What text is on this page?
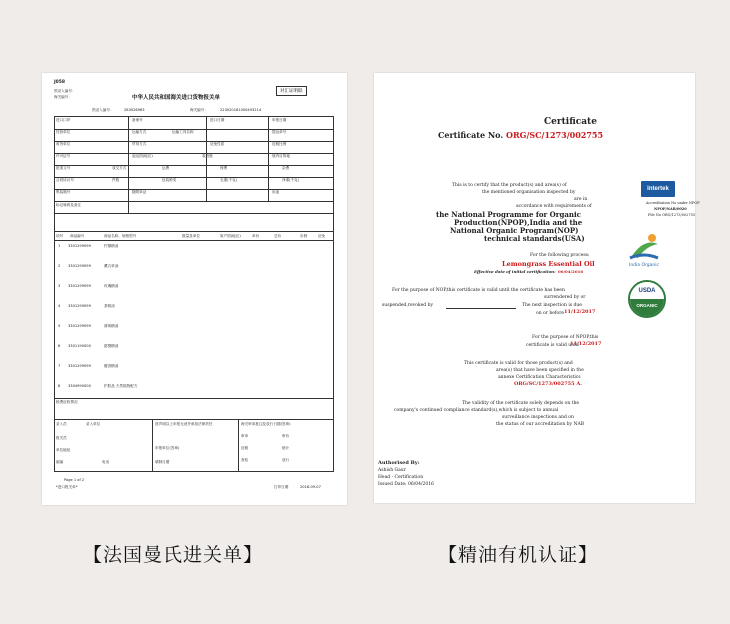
J058
预录入编号：
海关编号：	中华人民共和国海关进口货物报关单
对汇证明联
预录入编号：	283026963	海关编号：	223020181000493214
进口口岸	备案号	进口日期	申报日期
经营单位	运输方式	运输工具名称	提运单号
收货单位	贸易方式	征免性质	征税比例
许可证号	起运国(地区)	装货港	境内目的地
批准文号	成交方式	运费	保费	杂费
合同协议号	件数	包装种类	毛重(千克)	净重(千克)
集装箱号	随附单证	用途
标记唛码及备注
项号 商品编号	商品名称、规格型号	数量及单位	原产国(地区)	单价	总价	币制	征免
1 3301299099	柠檬精油
2 3301299099	薰衣草油
3 3301299099	玫瑰精油
4 3301299099	茶树油
5 3301299099	薄荷精油
6 3301190000	甜橙精油
7 3301299099	檀香精油
8 3304990000	护肤品 天然植物配方
税费征收情况
录入员	录入单位	兹声明以上申报无讹并承担法律责任	海关审单批注及放行日期(签章)
审单	审价
征税	统计
查验	放行
报关员
单位地址
邮编	电话
申报单位(签章)
填制日期
Page 1 of 2
*进口报关单*	打印日期	2018-09-07
Certificate
Certificate No. ORG/SC/1273/002755
This is to certify that the product(s) and area(s) of
the mentioned organisation inspected by
are in
accordance with requirements of
the National Programme for Organic
Production(NPOP),India and the
National Organic Program(NOP)
technical standards(USA)
For the following process:
Lemongrass Essential Oil
Effective date of initial certification: 06/04/2016
For the purpose of NOP,this certificate is valid until the certificate has been
surrendered by or
suspended,revoked by	The next inspection is due
on or before 11/12/2017
For the purpose of NPOP,this
certificate is valid until
11/12/2017
This certificate is valid for those product(s) and
area(s) that have been specified in the
annexe Certification Characteristics
ORG/SC/1273/002755 A.
The validity of the certificate solely depends on the
company's continued compliance standard(s),which is subject to annual
surveillance inspections and on
the status of our accreditation by NAB
Authorised By:
Ashish Gaur
Head - Certification
Issued Date: 06/04/2016
Intertek
Accreditation No under NPOP
NPOP/NAB/0020
File No ORG/1273/002755
India Organic
USDA
ORGANIC
【法国曼氏进关单】	【精油有机认证】
